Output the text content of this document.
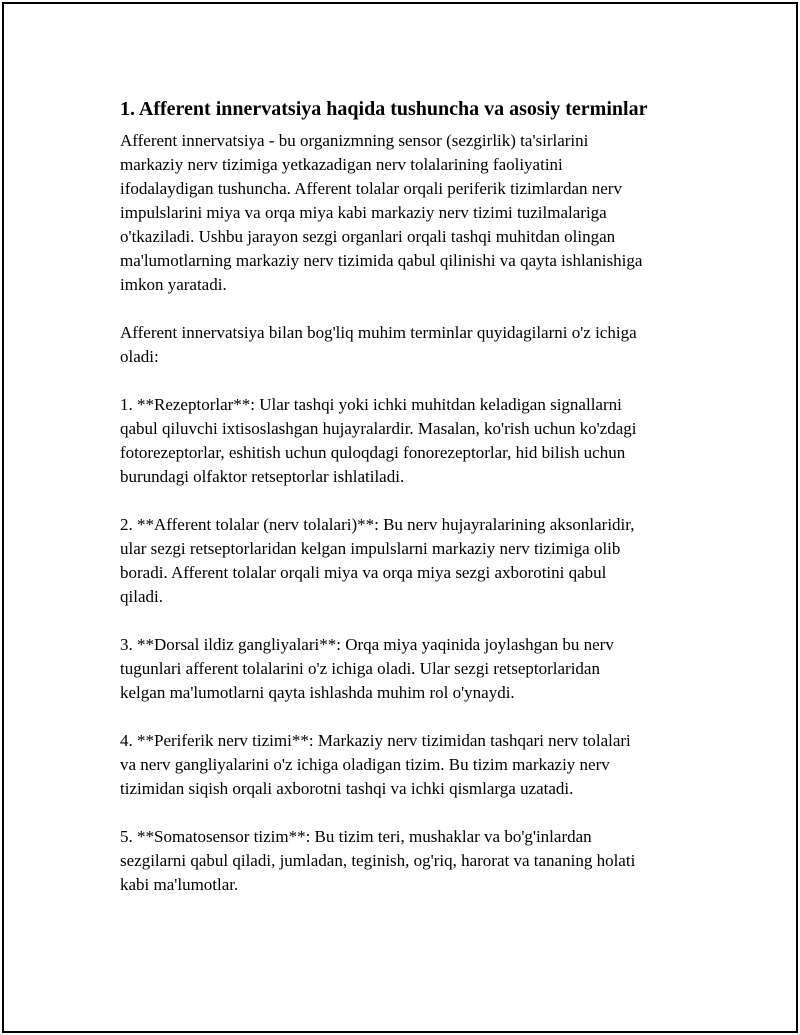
1. Afferent innervatsiya haqida tushuncha va asosiy terminlar
Afferent innervatsiya - bu organizmning sensor (sezgirlik) ta'sirlarini
markaziy nerv tizimiga yetkazadigan nerv tolalarining faoliyatini
ifodalaydigan tushuncha. Afferent tolalar orqali periferik tizimlardan nerv
impulslarini miya va orqa miya kabi markaziy nerv tizimi tuzilmalariga
o'tkaziladi. Ushbu jarayon sezgi organlari orqali tashqi muhitdan olingan
ma'lumotlarning markaziy nerv tizimida qabul qilinishi va qayta ishlanishiga
imkon yaratadi.
Afferent innervatsiya bilan bog'liq muhim terminlar quyidagilarni o'z ichiga
oladi:
1. **Rezeptorlar**: Ular tashqi yoki ichki muhitdan keladigan signallarni
qabul qiluvchi ixtisoslashgan hujayralardir. Masalan, ko'rish uchun ko'zdagi
fotorezeptorlar, eshitish uchun quloqdagi fonorezeptorlar, hid bilish uchun
burundagi olfaktor retseptorlar ishlatiladi.
2. **Afferent tolalar (nerv tolalari)**: Bu nerv hujayralarining aksonlaridir,
ular sezgi retseptorlaridan kelgan impulslarni markaziy nerv tizimiga olib
boradi. Afferent tolalar orqali miya va orqa miya sezgi axborotini qabul
qiladi.
3. **Dorsal ildiz gangliyalari**: Orqa miya yaqinida joylashgan bu nerv
tugunlari afferent tolalarini o'z ichiga oladi. Ular sezgi retseptorlaridan
kelgan ma'lumotlarni qayta ishlashda muhim rol o'ynaydi.
4. **Periferik nerv tizimi**: Markaziy nerv tizimidan tashqari nerv tolalari
va nerv gangliyalarini o'z ichiga oladigan tizim. Bu tizim markaziy nerv
tizimidan siqish orqali axborotni tashqi va ichki qismlarga uzatadi.
5. **Somatosensor tizim**: Bu tizim teri, mushaklar va bo'g'inlardan
sezgilarni qabul qiladi, jumladan, teginish, og'riq, harorat va tananing holati
kabi ma'lumotlar.
